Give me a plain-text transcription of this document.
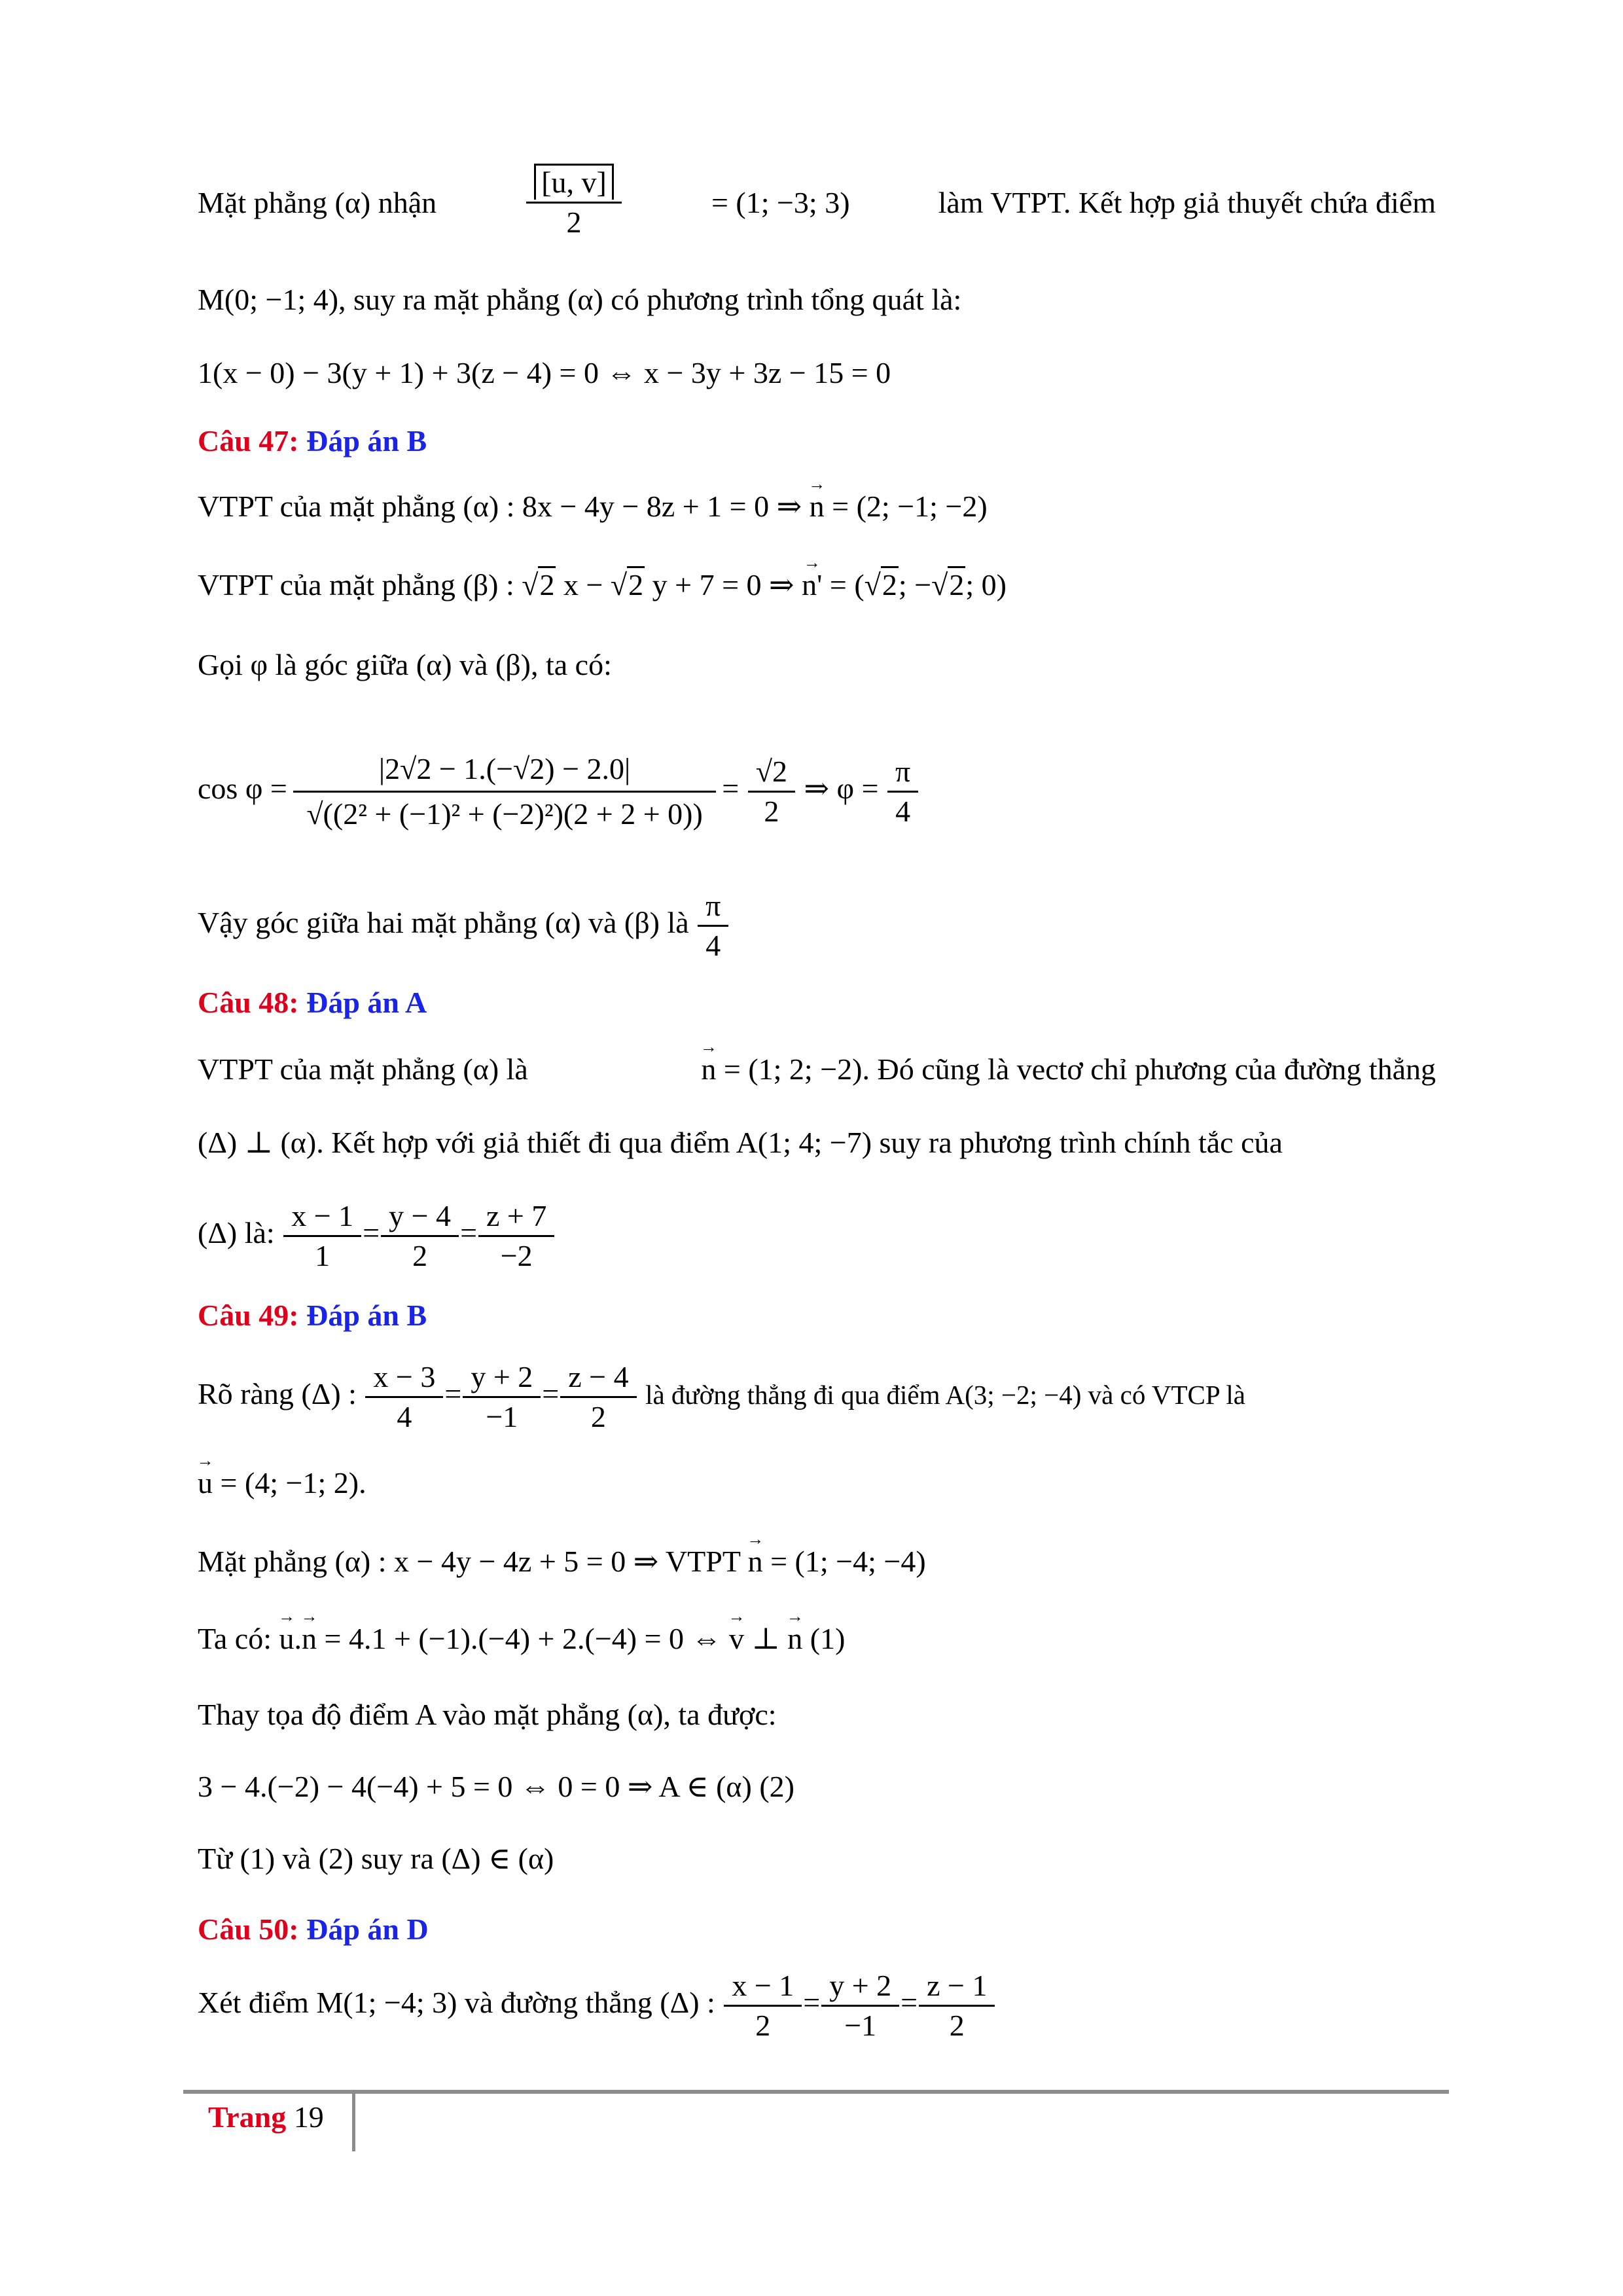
Mặt phẳng (α) nhận	$\frac{[u, v]}{2}$	= (1; −3; 3)	làm VTPT. Kết hợp giả thuyết chứa điểm
M(0; −1; 4), suy ra mặt phẳng (α) có phương trình tổng quát là:
1(x − 0) − 3(y + 1) + 3(z − 4) = 0 ⇔ x − 3y + 3z − 15 = 0
Câu 47: Đáp án B
VTPT của mặt phẳng (α) : 8x − 4y − 8z + 1 = 0 ⇒ → n = (2; −1; −2)
VTPT của mặt phẳng (β) : √2 x − √2 y + 7 = 0 ⇒ → n' = (√2; −√2; 0)
Gọi φ là góc giữa (α) và (β), ta có:
$\cos \varphi = \frac{|2√2 - 1.(-√2) - 2.0|}{\text{√((2² + (−1)² + (−2)²)(2 + 2 + 0))}} = \frac{√2}{2}$ ⇒ $\varphi = \frac{\pi}{4}$
Vậy góc giữa hai mặt phẳng (α) và (β) là $\frac{\pi}{4}$
Câu 48: Đáp án A
VTPT của mặt phẳng (α) là	→ n = (1; 2; −2). Đó cũng là vectơ chỉ phương của đường thẳng
(Δ) ⊥ (α). Kết hợp với giả thiết đi qua điểm A(1; 4; −7) suy ra phương trình chính tắc của
(Δ) là: $\frac{x - 1}{1} = \frac{y - 4}{2} = \frac{z + 7}{-2}$
Câu 49: Đáp án B
Rõ ràng (Δ) : $\frac{x - 3}{4} = \frac{y + 2}{-1} = \frac{z - 4}{2}$ là đường thẳng đi qua điểm A(3; −2; −4) và có VTCP là
→ u = (4; −1; 2).
Mặt phẳng (α) : x − 4y − 4z + 5 = 0 ⇒ VTPT → n = (1; −4; −4)
Ta có: → u.→ n = 4.1 + (−1).(−4) + 2.(−4) = 0 ⇔ → v ⊥ → n (1)
Thay tọa độ điểm A vào mặt phẳng (α), ta được:
3 − 4.(−2) − 4(−4) + 5 = 0 ⇔ 0 = 0 ⇒ A ∈ (α) (2)
Từ (1) và (2) suy ra (Δ) ∈ (α)
Câu 50: Đáp án D
Xét điểm M(1; −4; 3) và đường thẳng (Δ) : $\frac{x - 1}{2} = \frac{y + 2}{-1} = \frac{z - 1}{2}$
Trang 19
